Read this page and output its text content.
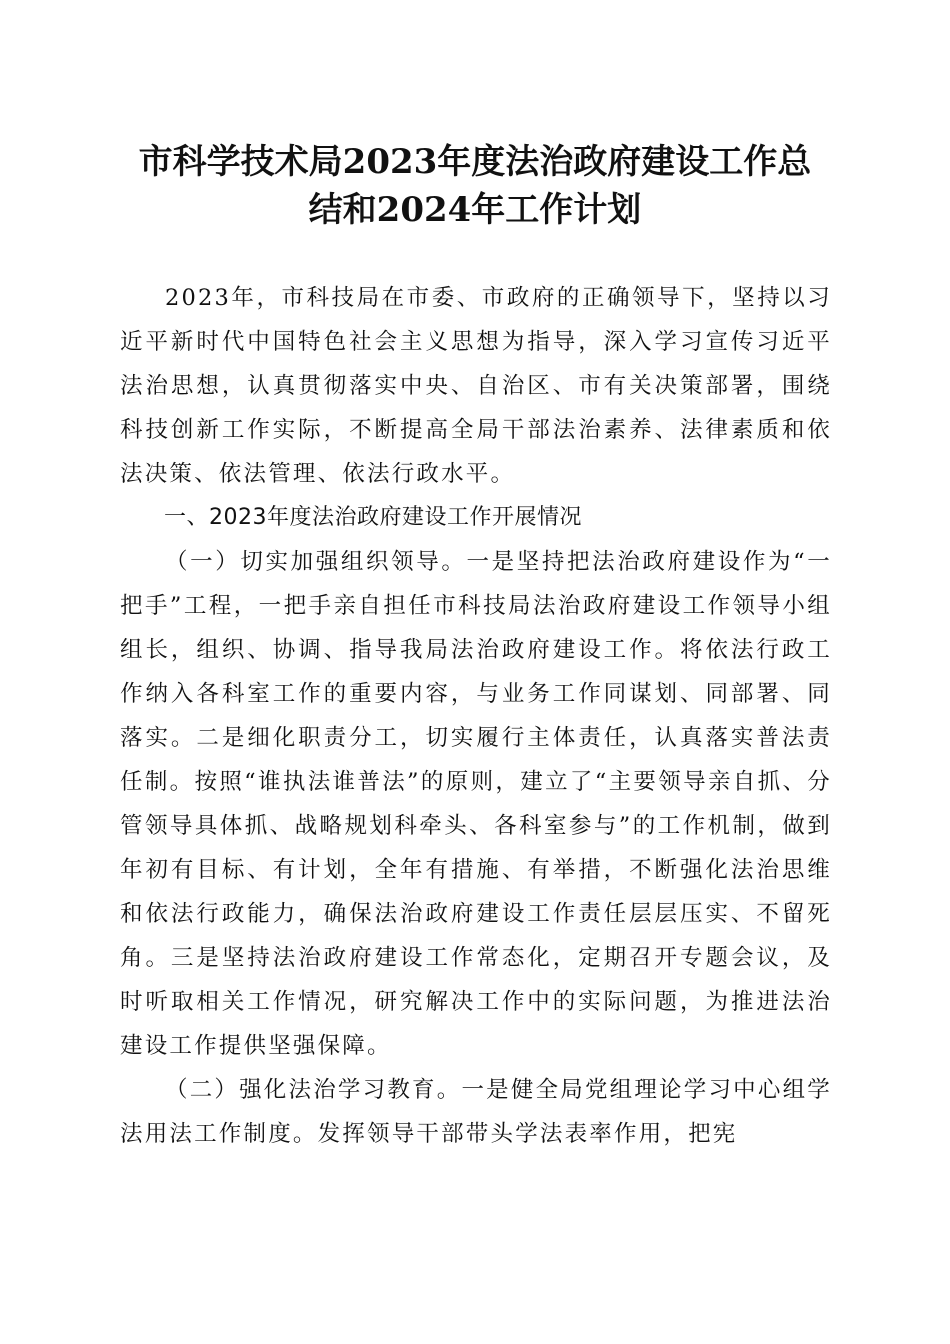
市科学技术局2023年度法治政府建设工作总
结和2024年工作计划

2023年，市科技局在市委、市政府的正确领导下，坚持以习近平新时代中国特色社会主义思想为指导，深入学习宣传习近平法治思想，认真贯彻落实中央、自治区、市有关决策部署，围绕科技创新工作实际，不断提高全局干部法治素养、法律素质和依法决策、依法管理、依法行政水平。

一、2023年度法治政府建设工作开展情况

（一）切实加强组织领导。一是坚持把法治政府建设作为“一把手”工程，一把手亲自担任市科技局法治政府建设工作领导小组组长，组织、协调、指导我局法治政府建设工作。将依法行政工作纳入各科室工作的重要内容，与业务工作同谋划、同部署、同落实。二是细化职责分工，切实履行主体责任，认真落实普法责任制。按照“谁执法谁普法”的原则，建立了“主要领导亲自抓、分管领导具体抓、战略规划科牵头、各科室参与”的工作机制，做到年初有目标、有计划，全年有措施、有举措，不断强化法治思维和依法行政能力，确保法治政府建设工作责任层层压实、不留死角。三是坚持法治政府建设工作常态化，定期召开专题会议，及时听取相关工作情况，研究解决工作中的实际问题，为推进法治建设工作提供坚强保障。

（二）强化法治学习教育。一是健全局党组理论学习中心组学法用法工作制度。发挥领导干部带头学法表率作用，把宪
